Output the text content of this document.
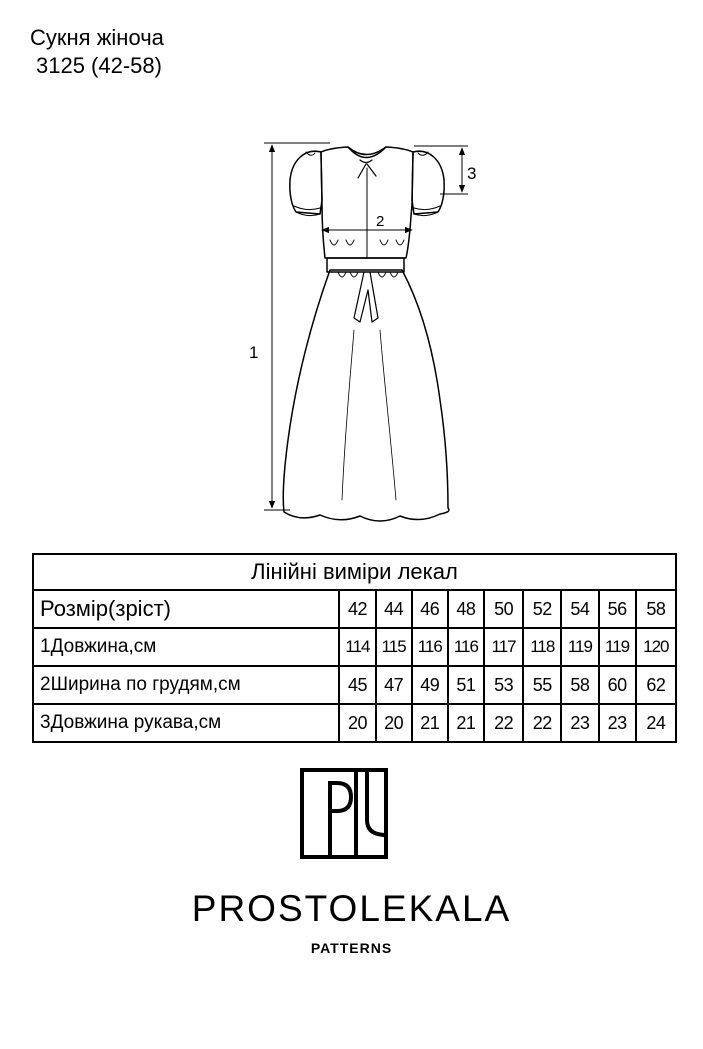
Сукня жіноча
3125 (42-58)
1
2
3
Лінійні виміри лекал									
Розмір(зріст)	42	44	46	48	50	52	54	56	58
1Довжина,см	114	115	116	116	117	118	119	119	120
2Ширина по грудям,см	45	47	49	51	53	55	58	60	62
3Довжина рукава,см	20	20	21	21	22	22	23	23	24
PROSTOLEKALA
PATTERNS
